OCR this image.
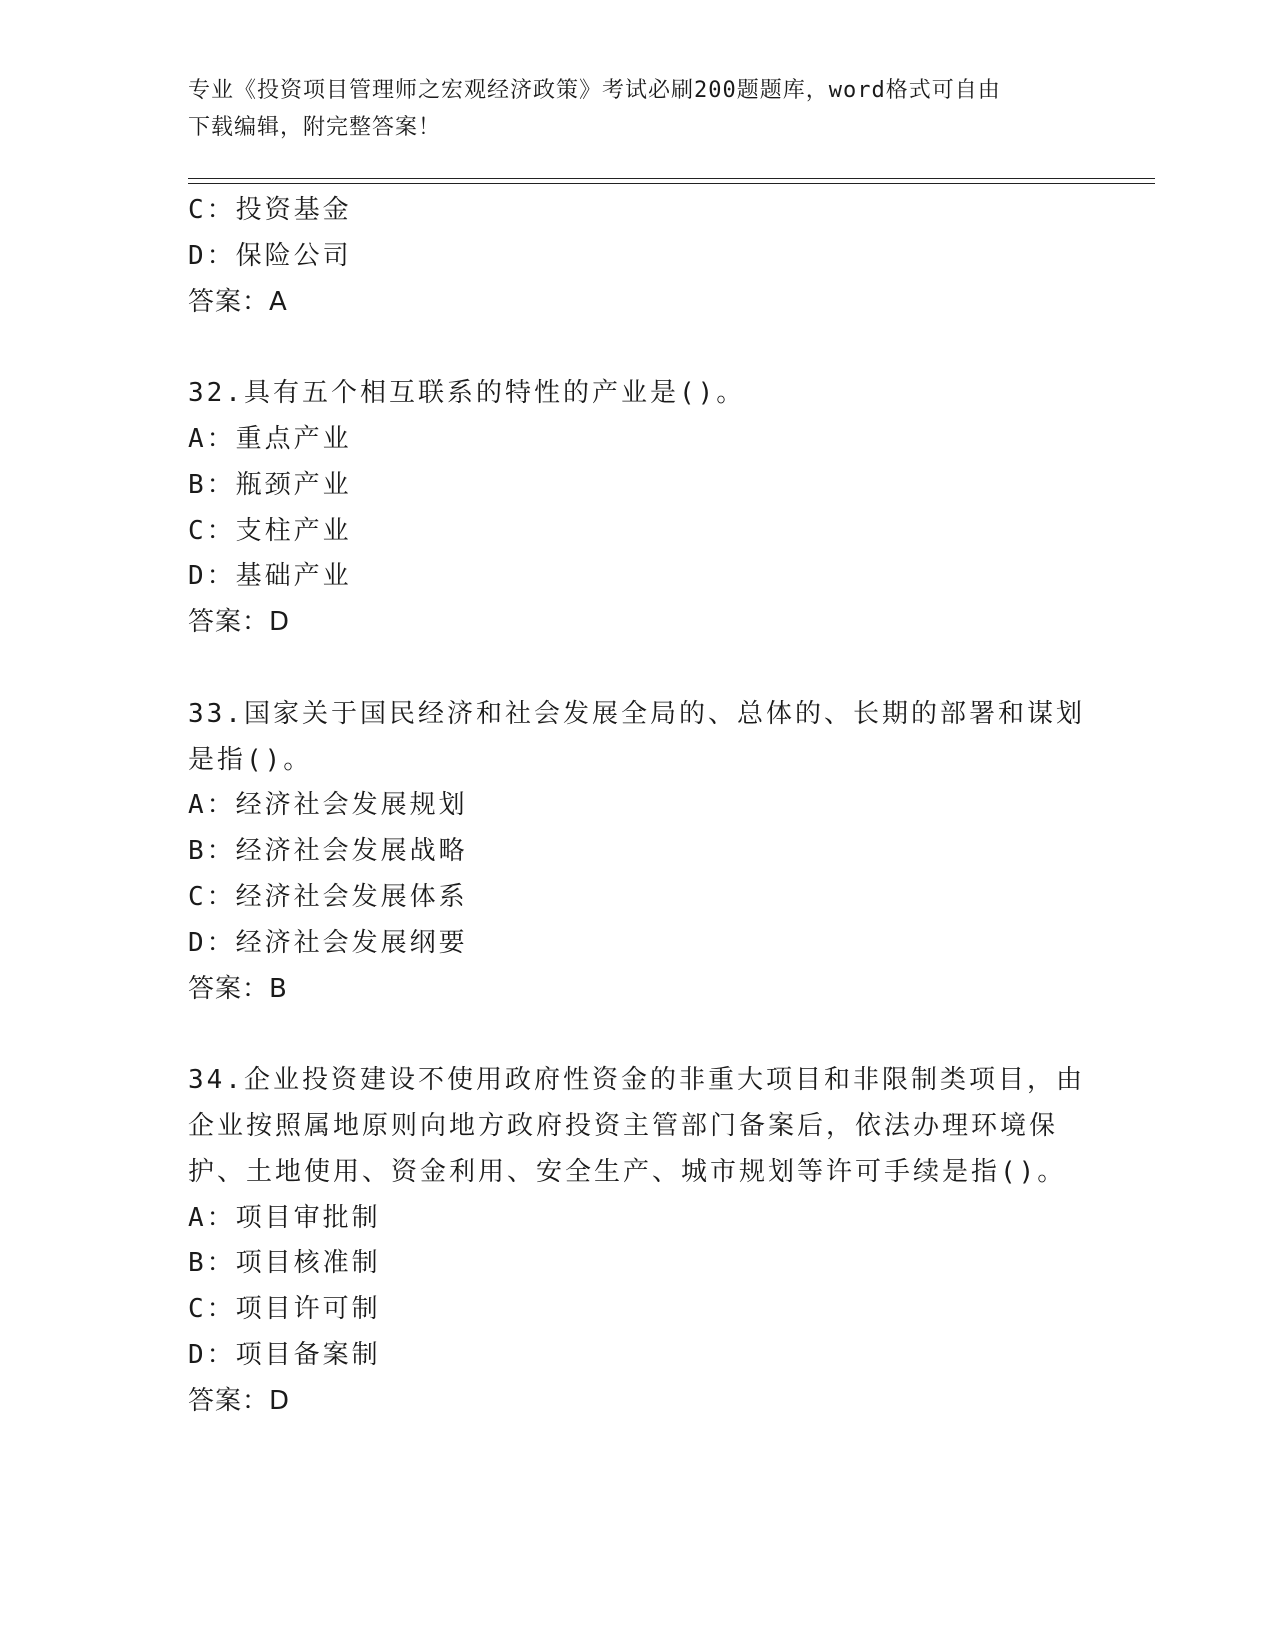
专业《投资项目管理师之宏观经济政策》考试必刷200题题库，word格式可自由
下载编辑，附完整答案！

C：投资基金

D：保险公司

答案：A

32.具有五个相互联系的特性的产业是()。

A：重点产业

B：瓶颈产业

C：支柱产业

D：基础产业

答案：D

33.国家关于国民经济和社会发展全局的、总体的、长期的部署和谋划

是指()。

A：经济社会发展规划

B：经济社会发展战略

C：经济社会发展体系

D：经济社会发展纲要

答案：B

34.企业投资建设不使用政府性资金的非重大项目和非限制类项目，由

企业按照属地原则向地方政府投资主管部门备案后，依法办理环境保

护、土地使用、资金利用、安全生产、城市规划等许可手续是指()。

A：项目审批制

B：项目核准制

C：项目许可制

D：项目备案制

答案：D
